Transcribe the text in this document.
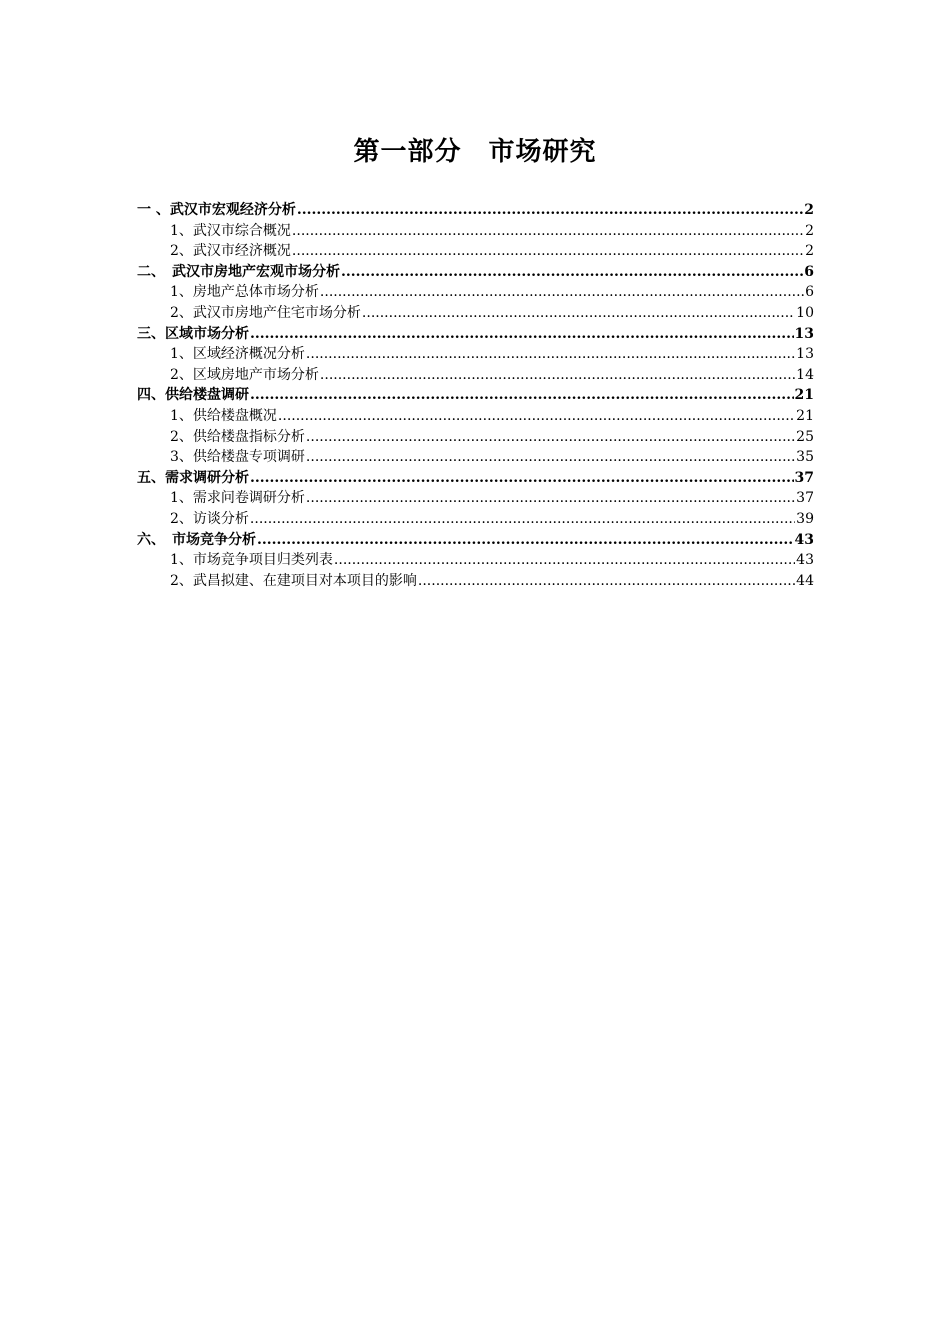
第一部分　市场研究
一 、武汉市宏观经济分析 .....	2
1、武汉市综合概况 .....	2
2、武汉市经济概况 .....	2
二、　武汉市房地产宏观市场分析 .....	6
1、房地产总体市场分析 .....	6
2、武汉市房地产住宅市场分析 .....	10
三、区域市场分析 .....	13
1、区域经济概况分析 .....	13
2、区域房地产市场分析 .....	14
四、供给楼盘调研 .....	21
1、供给楼盘概况 .....	21
2、供给楼盘指标分析 .....	25
3、供给楼盘专项调研 .....	35
五、需求调研分析 .....	37
1、需求问卷调研分析 .....	37
2、访谈分析 .....	39
六、　市场竞争分析 .....	43
1、市场竞争项目归类列表 .....	43
2、武昌拟建、在建项目对本项目的影响 .....	44
